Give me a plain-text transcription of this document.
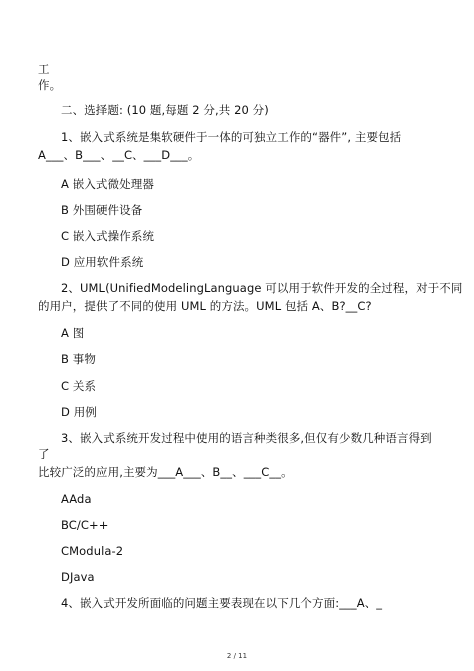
工
作。
二、选择题: (10 题,每题 2 分,共 20 分)
1、嵌入式系统是集软硬件于一体的可独立工作的“器件”, 主要包括
A___、B___、__C、___D___。
A 嵌入式微处理器
B 外围硬件设备
C 嵌入式操作系统
D 应用软件系统
2、UML(UnifiedModelingLanguage 可以用于软件开发的全过程，对于不同
的用户，提供了不同的使用 UML 的方法。UML 包括 A、B?__C?
A 图
B 事物
C 关系
D 用例
3、嵌入式系统开发过程中使用的语言种类很多,但仅有少数几种语言得到
了
比较广泛的应用,主要为___A___、B__、___C__。
AAda
BC/C++
CModula-2
DJava
4、嵌入式开发所面临的问题主要表现在以下几个方面:___A、_
2 / 11
